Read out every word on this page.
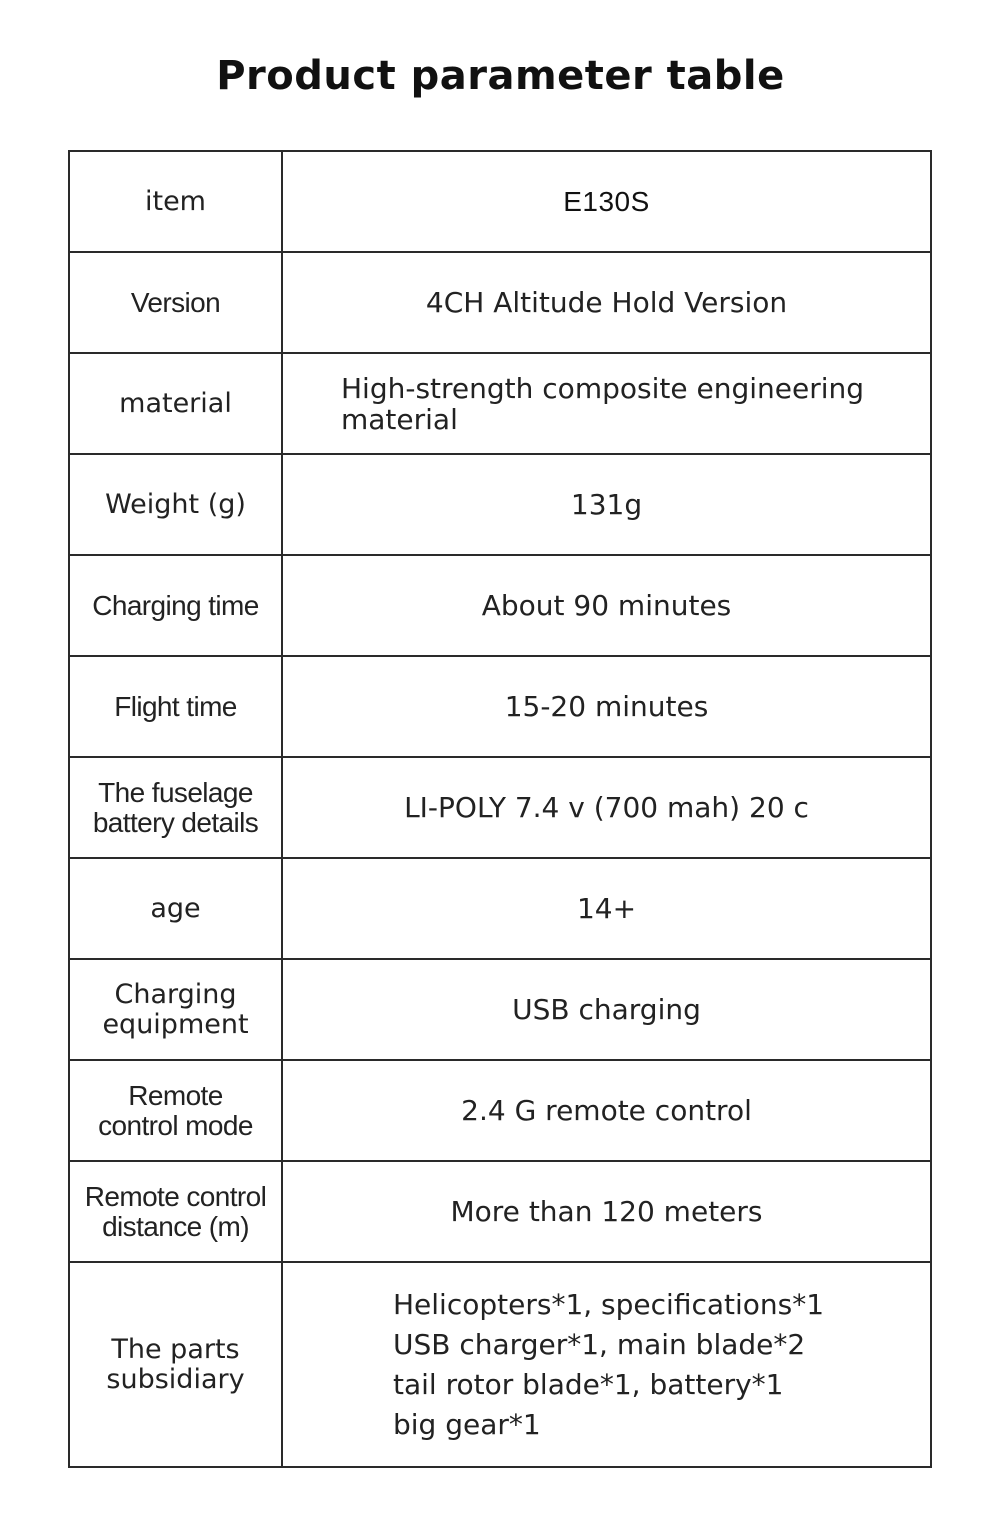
Product parameter table
item	E130S

Version	4CH Altitude Hold Version

material	High-strength composite engineering
material

Weight (g)	131g

Charging time	About 90 minutes

Flight time	15-20 minutes

The fuselage
battery details	LI-POLY 7.4 v (700 mah) 20 c

age	14+

Charging
equipment	USB charging

Remote
control mode	2.4 G remote control

Remote control
distance (m)	More than 120 meters

The parts
subsidiary	Helicopters*1, specifications*1
USB charger*1, main blade*2
tail rotor blade*1, battery*1
big gear*1
